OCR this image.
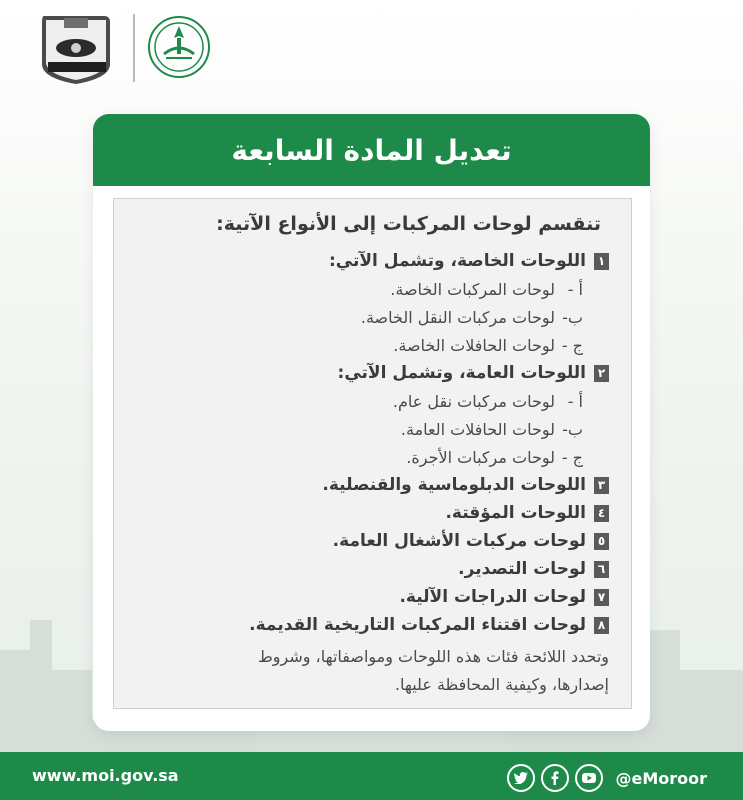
تعديل المادة السابعة
تنقسم لوحات المركبات إلى الأنواع الآتية:
١
اللوحات الخاصة، وتشمل الآتي:
أ -
لوحات المركبات الخاصة.
ب-
لوحات مركبات النقل الخاصة.
ج -
لوحات الحافلات الخاصة.
٢
اللوحات العامة، وتشمل الآتي:
أ -
لوحات مركبات نقل عام.
ب-
لوحات الحافلات العامة.
ج -
لوحات مركبات الأجرة.
٣
اللوحات الدبلوماسية والقنصلية.
٤
اللوحات المؤقتة.
٥
لوحات مركبات الأشغال العامة.
٦
لوحات التصدير.
٧
لوحات الدراجات الآلية.
٨
لوحات اقتناء المركبات التاريخية القديمة.
وتحدد اللائحة فئات هذه اللوحات ومواصفاتها، وشروط
إصدارها، وكيفية المحافظة عليها.
www.moi.gov.sa	@eMoroor
